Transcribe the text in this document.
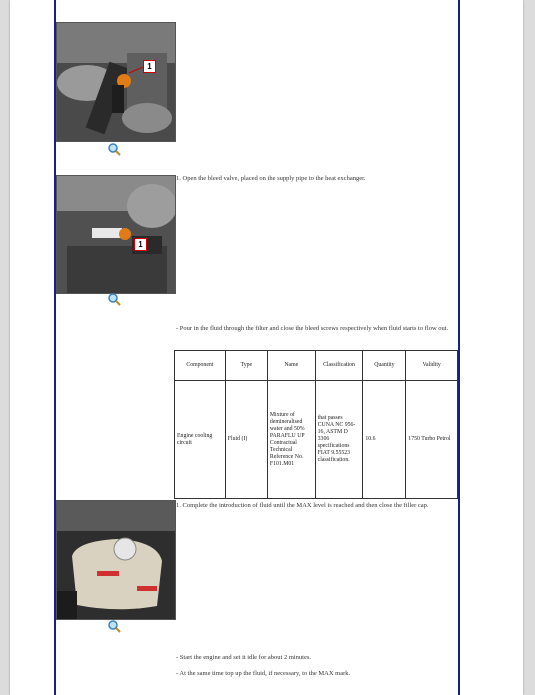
1
1. Open the bleed valve, placed on the supply pipe to the heat exchanger.
1
- Pour in the fluid through the filter and close the bleed screws respectively when fluid starts to flow out.
Component	Type	Name	Classification	Quantity	Validity
Engine cooling circuit	Fluid (I)	Mixture of demineralised water and 50% PARAFLU UP Contractual Technical Reference No. F101.M01	that passes CUNA NC 956-16, ASTM D 3306 specifications FIAT 9.55523 classification.	10.6	1750 Turbo Petrol
1. Complete the introduction of fluid until the MAX level is reached and then close the filler cap.
- Start the engine and set it idle for about 2 minutes.
- At the same time top up the fluid, if necessary, to the MAX mark.
